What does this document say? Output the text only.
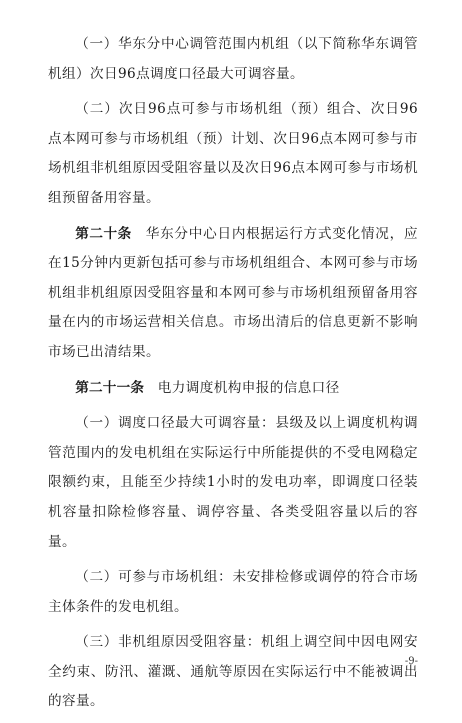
（一）华东分中心调管范围内机组（以下简称华东调管机组）次日96点调度口径最大可调容量。

（二）次日96点可参与市场机组（预）组合、次日96点本网可参与市场机组（预）计划、次日96点本网可参与市场机组非机组原因受阻容量以及次日96点本网可参与市场机组预留备用容量。

第二十条 华东分中心日内根据运行方式变化情况，应在15分钟内更新包括可参与市场机组组合、本网可参与市场机组非机组原因受阻容量和本网可参与市场机组预留备用容量在内的市场运营相关信息。市场出清后的信息更新不影响市场已出清结果。

第二十一条 电力调度机构申报的信息口径

（一）调度口径最大可调容量：县级及以上调度机构调管范围内的发电机组在实际运行中所能提供的不受电网稳定限额约束，且能至少持续1小时的发电功率，即调度口径装机容量扣除检修容量、调停容量、各类受阻容量以后的容量。

（二）可参与市场机组：未安排检修或调停的符合市场主体条件的发电机组。

（三）非机组原因受阻容量：机组上调空间中因电网安全约束、防汛、灌溉、通航等原因在实际运行中不能被调出的容量。

-9-
